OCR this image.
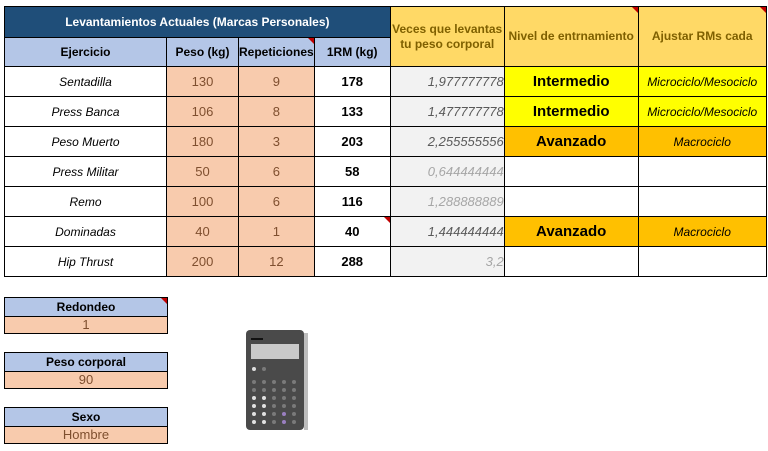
Levantamientos Actuales (Marcas Personales)				Veces que levantas tu peso corporal	Nivel de entrnamiento	Ajustar RMs cada

Ejercicio	Peso (kg)	Repeticiones	1RM (kg)			
Sentadilla	130	9	178	1,977777778	Intermedio	Microciclo/Mesociclo
Press Banca	106	8	133	1,477777778	Intermedio	Microciclo/Mesociclo
Peso Muerto	180	3	203	2,255555556	Avanzado	Macrociclo
Press Militar	50	6	58	0,644444444		
Remo	100	6	116	1,288888889		
Dominadas	40	1	40	1,444444444	Avanzado	Macrociclo
Hip Thrust	200	12	288	3,2		
Redondeo
1
Peso corporal
90
Sexo
Hombre
